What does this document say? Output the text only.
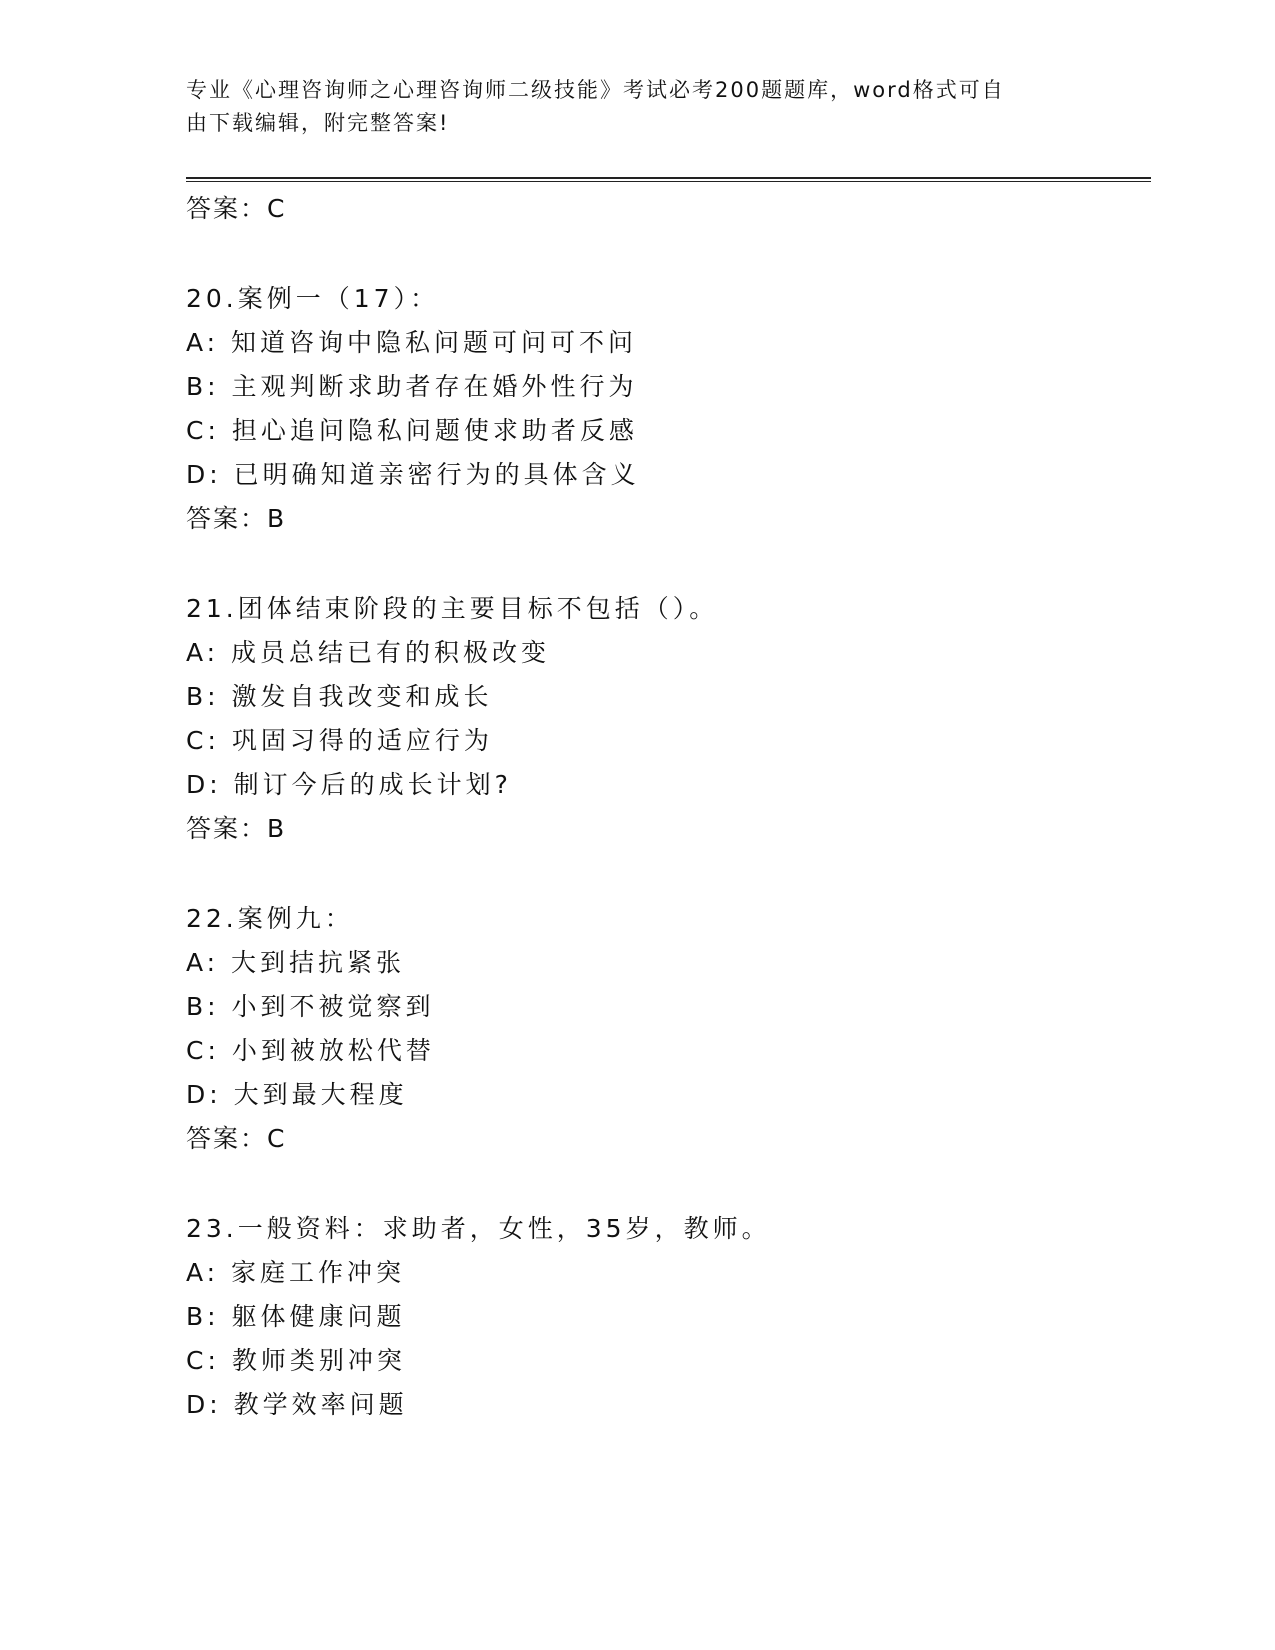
专业《心理咨询师之心理咨询师二级技能》考试必考200题题库，word格式可自
由下载编辑，附完整答案!
答案：C
20.案例一（17）：
A: 知道咨询中隐私问题可问可不问
B: 主观判断求助者存在婚外性行为
C: 担心追问隐私问题使求助者反感
D: 已明确知道亲密行为的具体含义
答案：B
21.团体结束阶段的主要目标不包括（）。
A: 成员总结已有的积极改变
B: 激发自我改变和成长
C: 巩固习得的适应行为
D: 制订今后的成长计划?
答案：B
22.案例九：
A: 大到拮抗紧张
B: 小到不被觉察到
C: 小到被放松代替
D: 大到最大程度
答案：C
23.一般资料：求助者，女性，35岁，教师。
A: 家庭工作冲突
B: 躯体健康问题
C: 教师类别冲突
D: 教学效率问题
